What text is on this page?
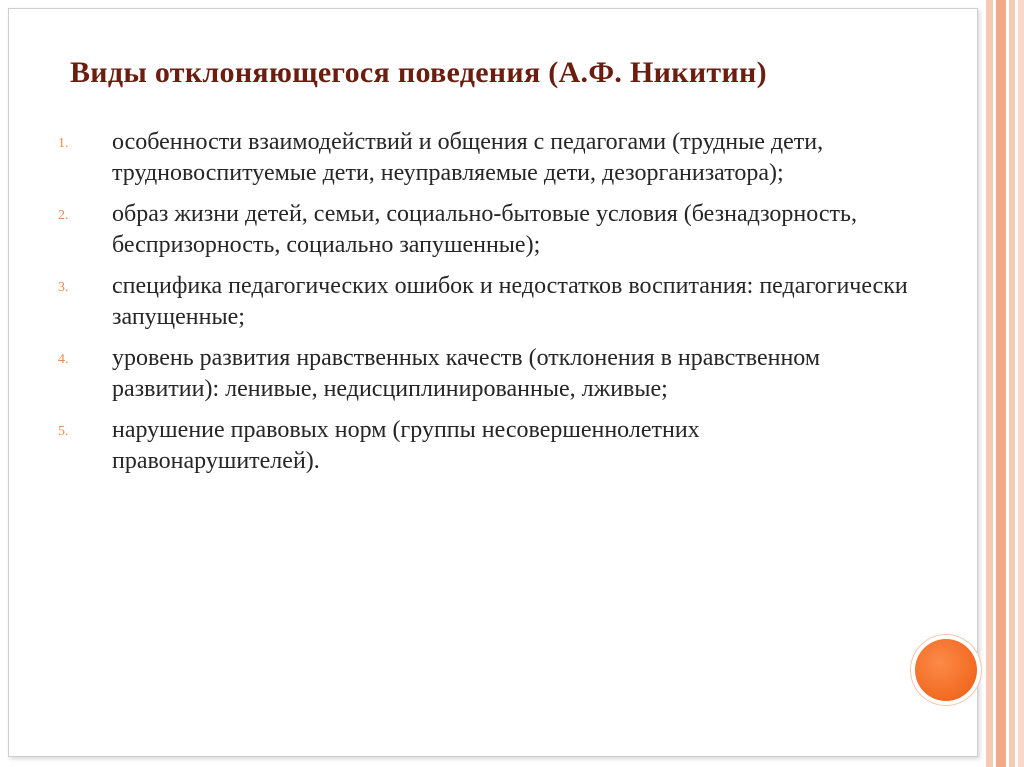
Виды отклоняющегося поведения (А.Ф. Никитин)
1.	особенности взаимодействий и общения с педагогами (трудные дети, трудновоспитуемые дети, неуправляемые дети, дезорганизатора);
2.	образ жизни детей, семьи, социально-бытовые условия (безнадзорность, беспризорность, социально запушенные);
3.	специфика педагогических ошибок и недостатков воспитания: педагогически запущенные;
4.	уровень развития нравственных качеств (отклонения в нравственном развитии): ленивые, недисциплинированные, лживые;
5.	нарушение правовых норм (группы несовершеннолетних правонарушителей).
